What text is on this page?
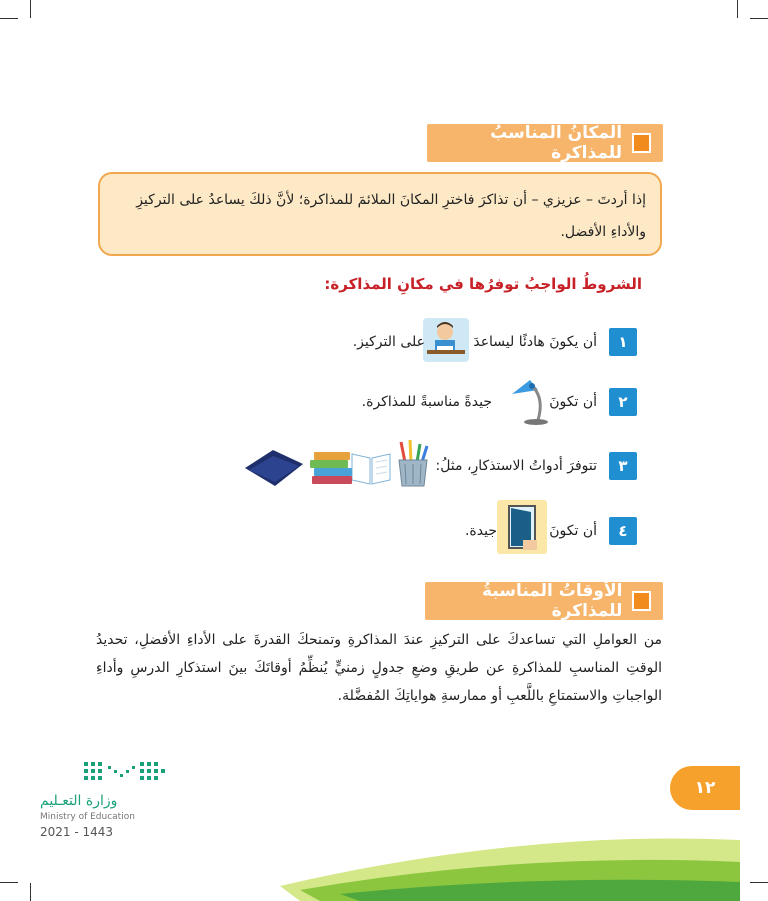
المكانُ المناسبُ للمذاكرة
إذا أردتَ – عزيزي – أن تذاكرَ فاخترِ المكانَ الملائمَ للمذاكرة؛ لأنَّ ذلكَ يساعدُ على التركيزِ
والأداءِ الأفضل.
الشروطُ الواجبُ توفرُها في مكانِ المذاكرة:
١
أن يكونَ هادئًا ليساعدَ
على التركيز.
٢
أن تكونَ
جيدةً مناسبةً للمذاكرة.
٣
تتوفرَ أدواتُ الاستذكارِ، مثلُ:
٤
أن تكونَ
جيدة.
الأوقاتُ المناسبةُ للمذاكرة
من العواملِ التي تساعدكَ على التركيزِ عندَ المذاكرةِ وتمنحكَ القدرةَ على الأداءِ الأفضلِ، تحديدُ الوقتِ المناسبِ للمذاكرةِ عن طريقِ وضعِ جدولٍ زمنيٍّ يُنظِّمُ أوقاتَكَ بينَ استذكارِ الدرسِ وأداءِ الواجباتِ والاستمتاعِ باللَّعبِ أو ممارسةِ هواياتِكَ المُفضَّلة.
١٢
وزارة التعـليم
Ministry of Education
2021 - 1443
